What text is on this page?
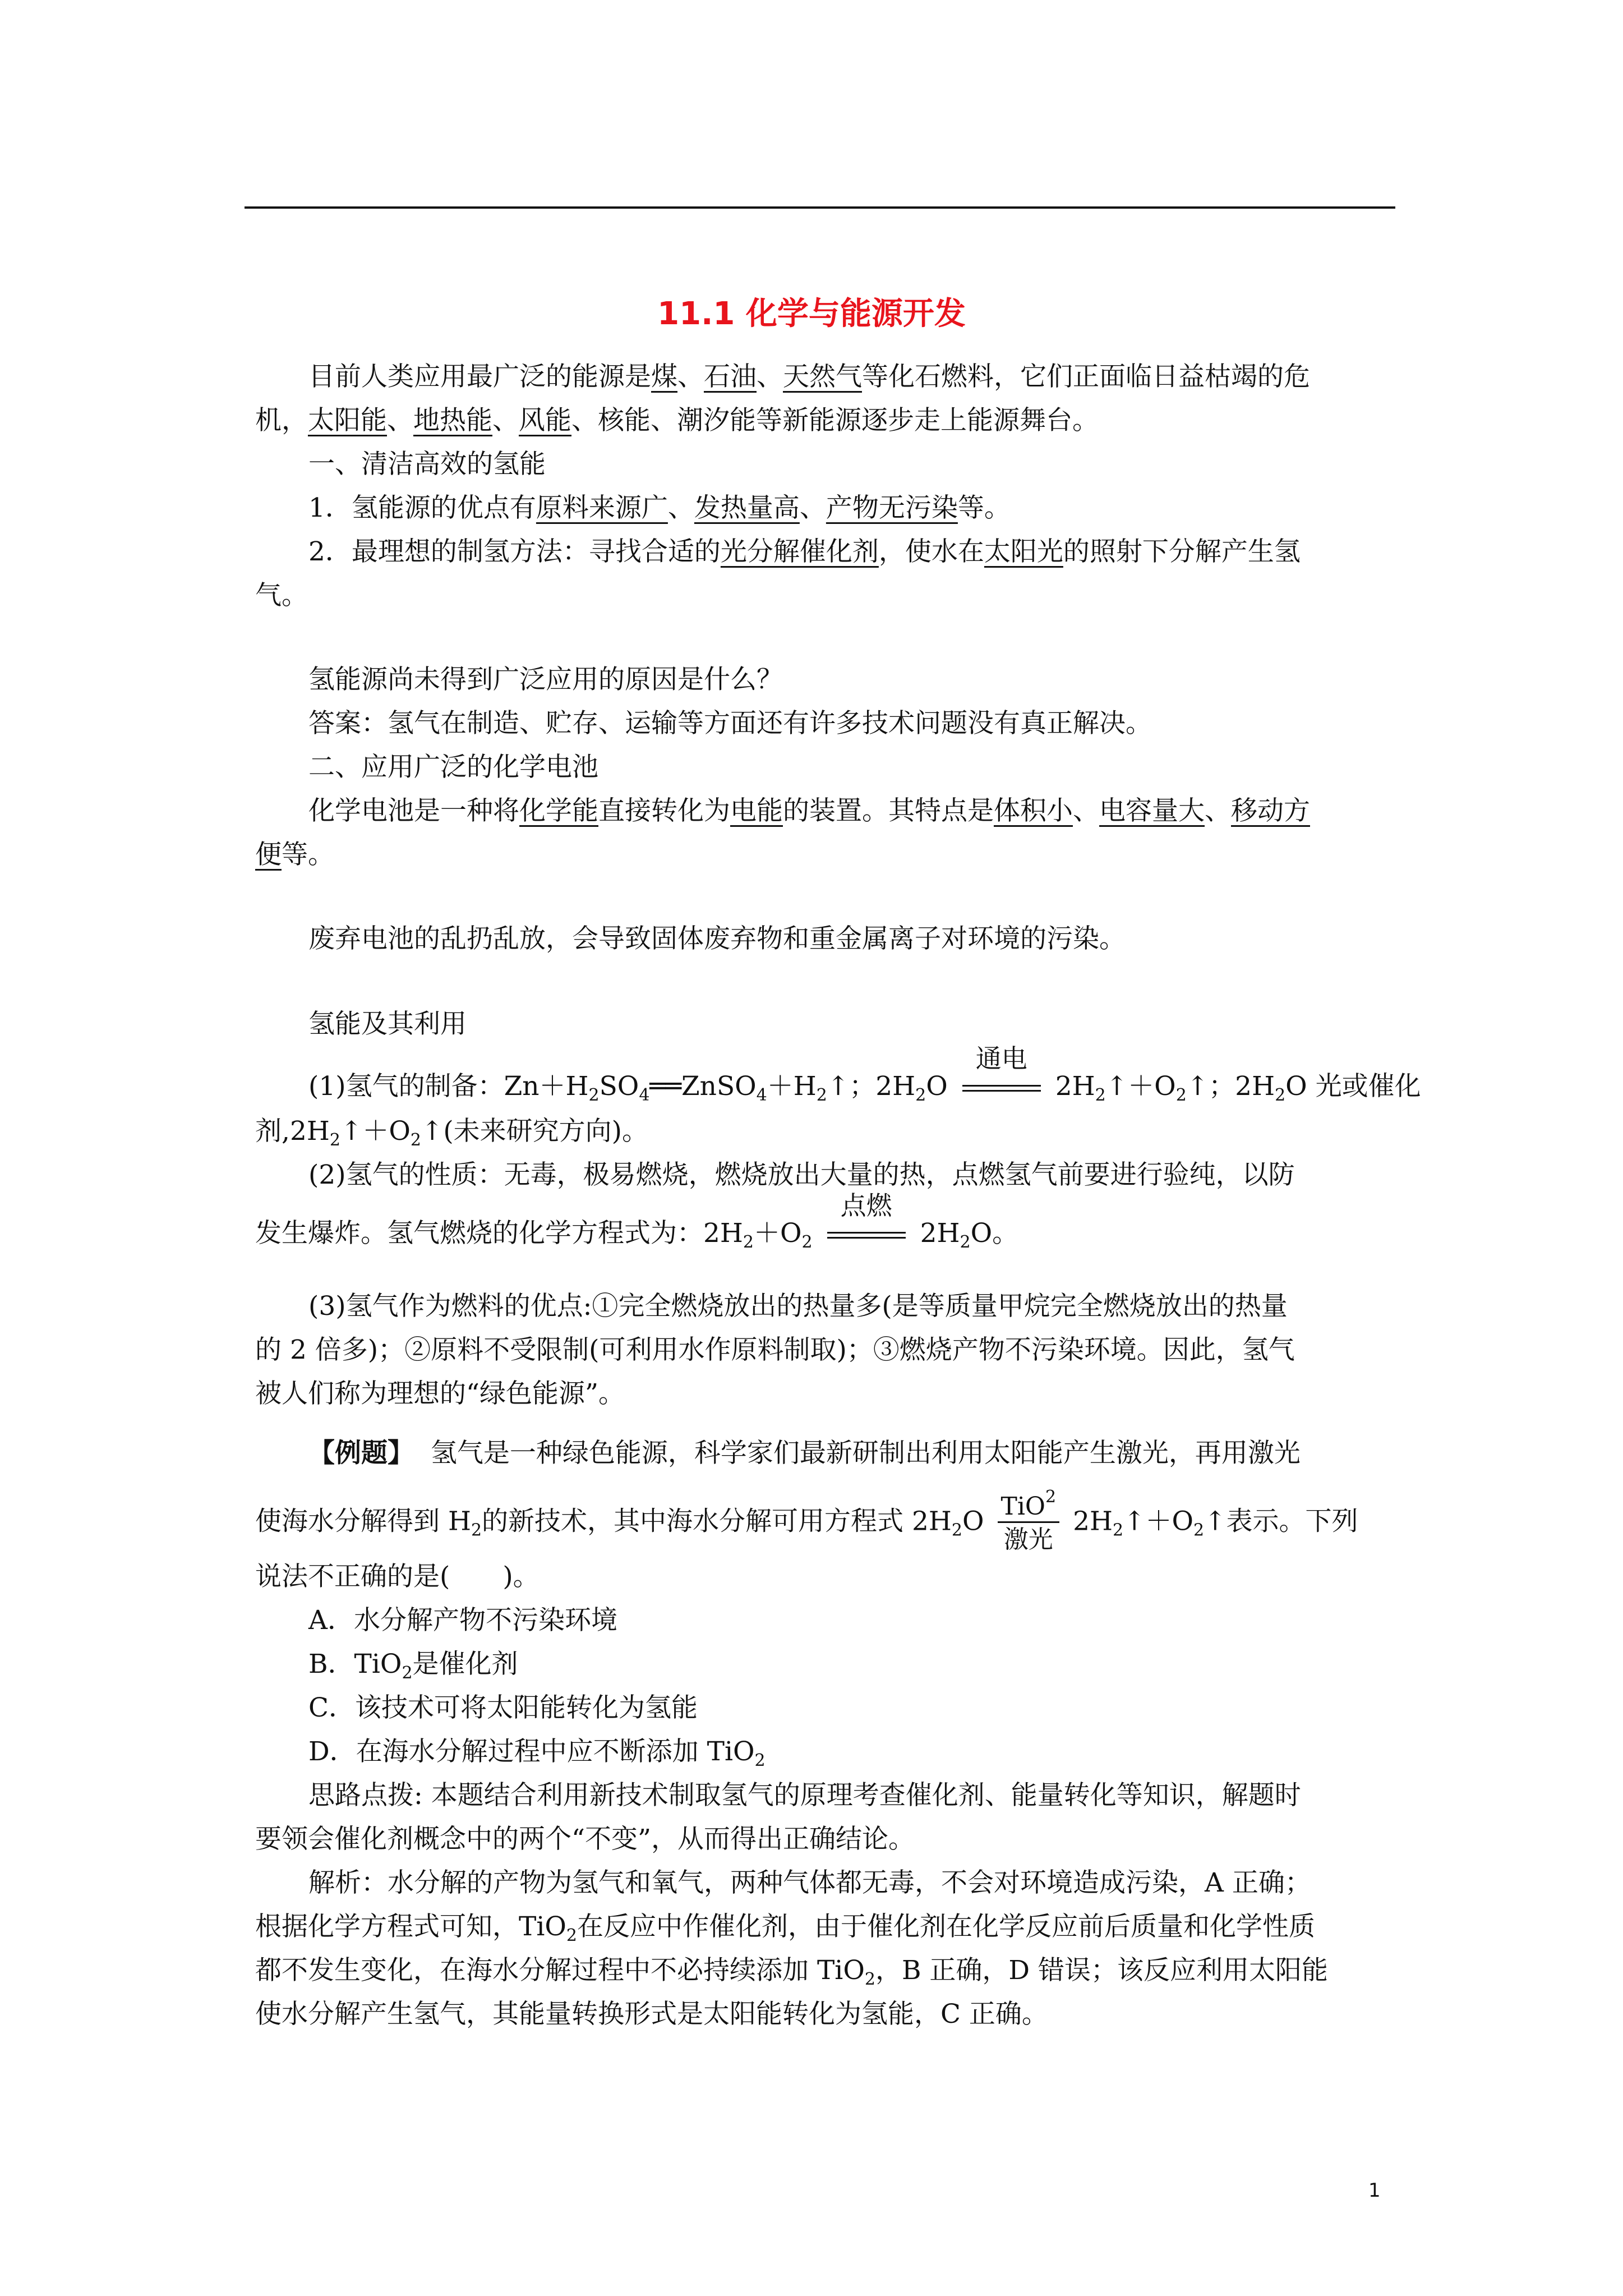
11.1 化学与能源开发
目前人类应用最广泛的能源是煤、石油、天然气等化石燃料，它们正面临日益枯竭的危
机，太阳能、地热能、风能、核能、潮汐能等新能源逐步走上能源舞台。
一、清洁高效的氢能
1．氢能源的优点有原料来源广、发热量高、产物无污染等。
2．最理想的制氢方法：寻找合适的光分解催化剂，使水在太阳光的照射下分解产生氢
气。
氢能源尚未得到广泛应用的原因是什么？
答案：氢气在制造、贮存、运输等方面还有许多技术问题没有真正解决。
二、应用广泛的化学电池
化学电池是一种将化学能直接转化为电能的装置。其特点是体积小、电容量大、移动方
便等。
废弃电池的乱扔乱放，会导致固体废弃物和重金属离子对环境的污染。
氢能及其利用
(1)氢气的制备：$Zn+H_2SO_4══ZnSO_4+H_2↑$；$2H_2O$
通电
$2H_2↑+O_2↑$；$2H_2O$ 光或催化
剂$,2H_2↑+O_2↑$(未来研究方向)。
(2)氢气的性质：无毒，极易燃烧，燃烧放出大量的热，点燃氢气前要进行验纯，以防
发生爆炸。氢气燃烧的化学方程式为：$2H_2+O_2$
点燃
$2H_2O$。
(3)氢气作为燃料的优点:①完全燃烧放出的热量多(是等质量甲烷完全燃烧放出的热量
的 2 倍多)；②原料不受限制(可利用水作原料制取)；③燃烧产物不污染环境。因此，氢气
被人们称为理想的“绿色能源”。
【例题】 氢气是一种绿色能源，科学家们最新研制出利用太阳能产生激光，再用激光
使海水分解得到 $H_2$的新技术，其中海水分解可用方程式 $2H_2O \frac{TiO^2}{\text{激光}}$ $2H_2↑+O_2↑$表示。下列
说法不正确的是(　　)。
A．水分解产物不污染环境
B．TiO$_2$是催化剂
C．该技术可将太阳能转化为氢能
D．在海水分解过程中应不断添加 TiO$_2$
思路点拨: 本题结合利用新技术制取氢气的原理考查催化剂、能量转化等知识，解题时
要领会催化剂概念中的两个“不变”，从而得出正确结论。
解析：水分解的产物为氢气和氧气，两种气体都无毒，不会对环境造成污染，A 正确；
根据化学方程式可知，TiO$_2$在反应中作催化剂，由于催化剂在化学反应前后质量和化学性质
都不发生变化，在海水分解过程中不必持续添加 TiO$_2$，B 正确，D 错误；该反应利用太阳能
使水分解产生氢气，其能量转换形式是太阳能转化为氢能，C 正确。
1
